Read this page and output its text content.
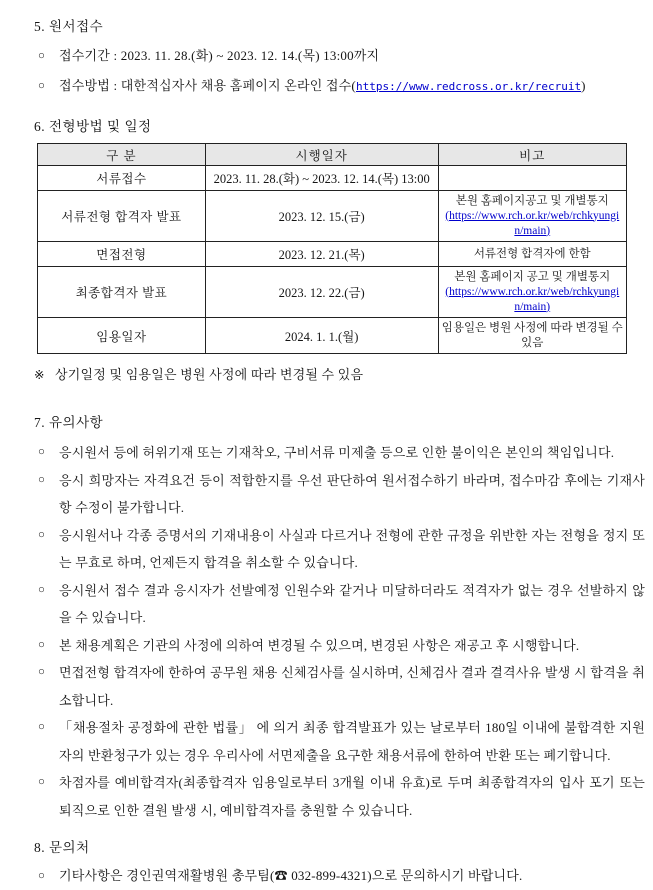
5. 원서접수

○	접수기간 : 2023. 11. 28.(화) ~ 2023. 12. 14.(목) 13:00까지

○	접수방법 : 대한적십자사 채용 홈페이지 온라인 접수(https://www.redcross.or.kr/recruit)

6. 전형방법 및 일정
구 분	시행일자	비고
서류접수	2023. 11. 28.(화) ~ 2023. 12. 14.(목) 13:00	
서류전형 합격자 발표	2023. 12. 15.(금)	본원 홈페이지공고 및 개별통지
(https://www.rch.or.kr/web/rchkyungin/main)
면접전형	2023. 12. 21.(목)	서류전형 합격자에 한함
최종합격자 발표	2023. 12. 22.(금)	본원 홈페이지 공고 및 개별통지
(https://www.rch.or.kr/web/rchkyungin/main)
임용일자	2024. 1. 1.(월)	임용일은 병원 사정에 따라 변경될 수 있음

※ 상기일정 및 임용일은 병원 사정에 따라 변경될 수 있음

7. 유의사항

○	응시원서 등에 허위기재 또는 기재착오, 구비서류 미제출 등으로 인한 불이익은 본인의 책임입니다.

○	응시 희망자는 자격요건 등이 적합한지를 우선 판단하여 원서접수하기 바라며, 접수마감 후에는 기재사항 수정이 불가합니다.

○	응시원서나 각종 증명서의 기재내용이 사실과 다르거나 전형에 관한 규정을 위반한 자는 전형을 정지 또는 무효로 하며, 언제든지 합격을 취소할 수 있습니다.

○	응시원서 접수 결과 응시자가 선발예정 인원수와 같거나 미달하더라도 적격자가 없는 경우 선발하지 않을 수 있습니다.

○	본 채용계획은 기관의 사정에 의하여 변경될 수 있으며, 변경된 사항은 재공고 후 시행합니다.

○	면접전형 합격자에 한하여 공무원 채용 신체검사를 실시하며, 신체검사 결과 결격사유 발생 시 합격을 취소합니다.

○	「채용절차 공정화에 관한 법률」 에 의거 최종 합격발표가 있는 날로부터 180일 이내에 불합격한 지원자의 반환청구가 있는 경우 우리사에 서면제출을 요구한 채용서류에 한하여 반환 또는 폐기합니다.

○	차점자를 예비합격자(최종합격자 임용일로부터 3개월 이내 유효)로 두며 최종합격자의 입사 포기 또는 퇴직으로 인한 결원 발생 시, 예비합격자를 충원할 수 있습니다.

8. 문의처

○	기타사항은 경인권역재활병원 총무팀(☎ 032-899-4321)으로 문의하시기 바랍니다.
